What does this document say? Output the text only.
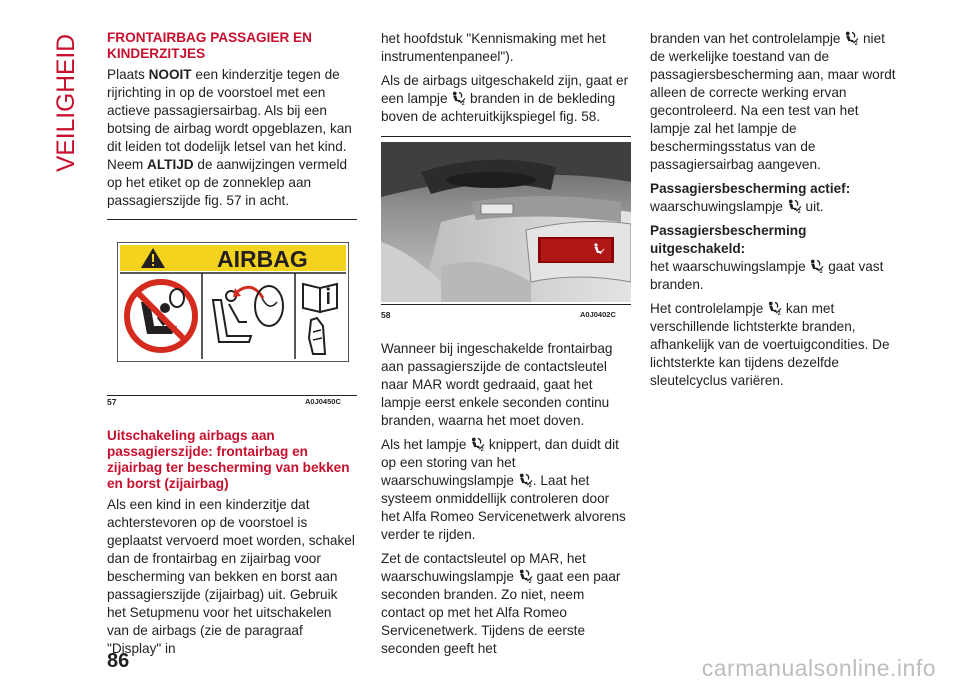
VEILIGHEID FRONTAIRBAG PASSAGIER EN KINDERZITJES

Plaats NOOIT een kinderzitje tegen de rijrichting in op de voorstoel met een actieve passagiersairbag. Als bij een botsing de airbag wordt opgeblazen, kan dit leiden tot dodelijk letsel van het kind. Neem ALTIJD de aanwijzingen vermeld op het etiket op de zonneklep aan passagierszijde fig. 57 in acht.

AIRBAG
57	A0J0450C
Uitschakeling airbags aan passagierszijde: frontairbag en zijairbag ter bescherming van bekken en borst (zijairbag)

Als een kind in een kinderzitje dat achterstevoren op de voorstoel is geplaatst vervoerd moet worden, schakel dan de frontairbag en zijairbag voor bescherming van bekken en borst aan passagierszijde (zijairbag) uit. Gebruik het Setupmenu voor het uitschakelen van de airbags (zie de paragraaf "Display" in

het hoofdstuk "Kennismaking met het instrumentenpaneel").

Als de airbags uitgeschakeld zijn, gaat er een lampje  branden in de bekleding boven de achteruitkijkspiegel fig. 58.

58	A0J0402C

Wanneer bij ingeschakelde frontairbag aan passagierszijde de contactsleutel naar MAR wordt gedraaid, gaat het lampje eerst enkele seconden continu branden, waarna het moet doven.

Als het lampje  knippert, dan duidt dit op een storing van het waarschuwingslampje . Laat het systeem onmiddellijk controleren door het Alfa Romeo Servicenetwerk alvorens verder te rijden.

Zet de contactsleutel op MAR, het waarschuwingslampje  gaat een paar seconden branden. Zo niet, neem contact op met het Alfa Romeo Servicenetwerk. Tijdens de eerste seconden geeft het

branden van het controlelampje  niet de werkelijke toestand van de passagiersbescherming aan, maar wordt alleen de correcte werking ervan gecontroleerd. Na een test van het lampje zal het lampje de beschermingsstatus van de passagiersairbag aangeven.

Passagiersbescherming actief:

waarschuwingslampje  uit.

Passagiersbescherming uitgeschakeld:

het waarschuwingslampje  gaat vast branden.

Het controlelampje  kan met verschillende lichtsterkte branden, afhankelijk van de voertuigcondities. De lichtsterkte kan tijdens dezelfde sleutelcyclus variëren.

86	carmanualsonline.info
